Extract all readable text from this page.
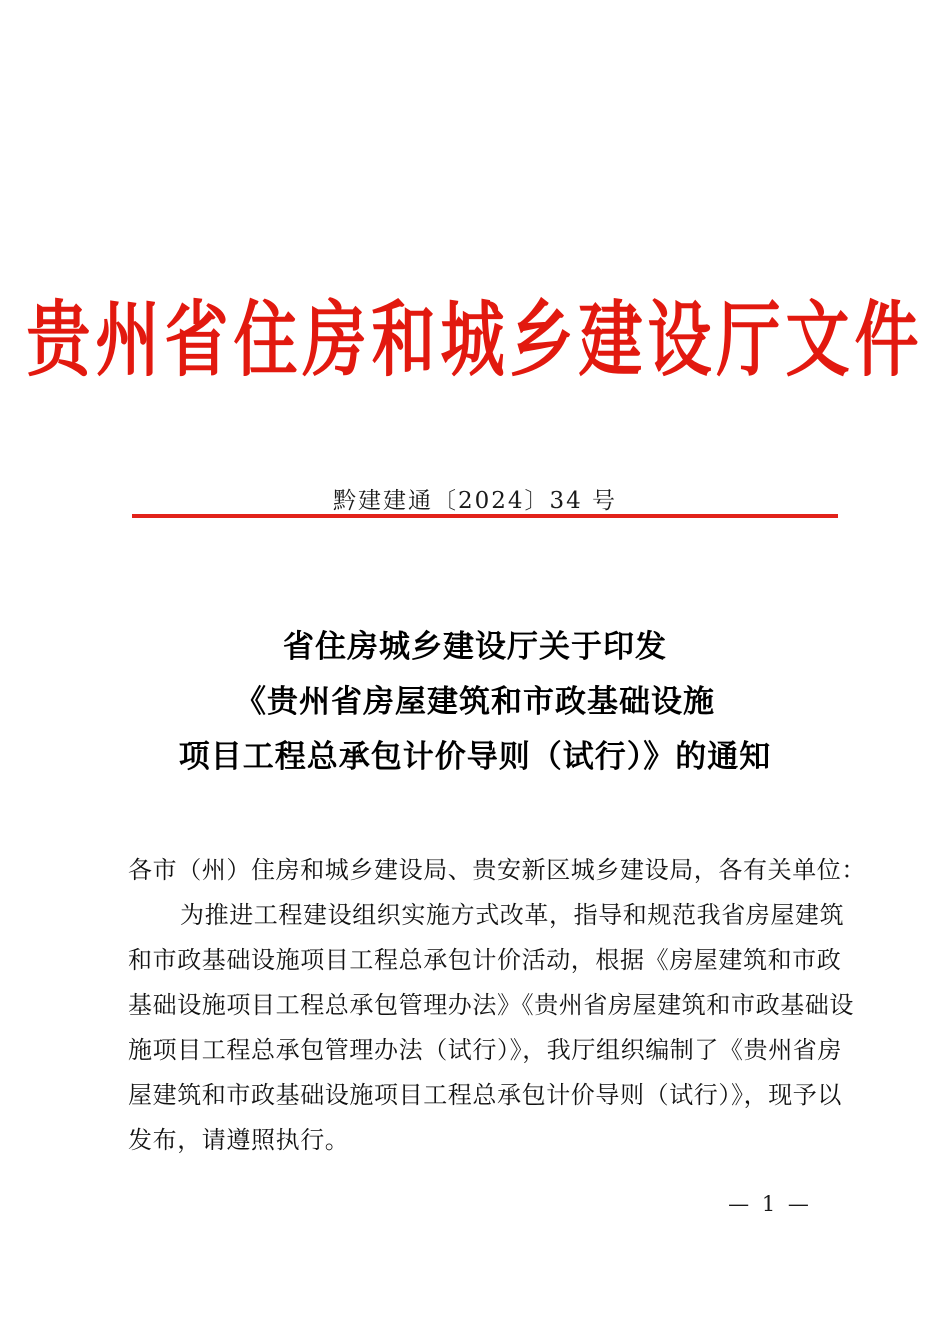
贵州省住房和城乡建设厅文件
黔建建通〔2024〕34 号
省住房城乡建设厅关于印发
《贵州省房屋建筑和市政基础设施
项目工程总承包计价导则（试行）》的通知
各市（州）住房和城乡建设局、贵安新区城乡建设局，各有关单位：
为推进工程建设组织实施方式改革，指导和规范我省房屋建筑
和市政基础设施项目工程总承包计价活动，根据《房屋建筑和市政
基础设施项目工程总承包管理办法》《贵州省房屋建筑和市政基础设
施项目工程总承包管理办法（试行）》，我厅组织编制了《贵州省房
屋建筑和市政基础设施项目工程总承包计价导则（试行）》，现予以
发布，请遵照执行。
— 1 —
